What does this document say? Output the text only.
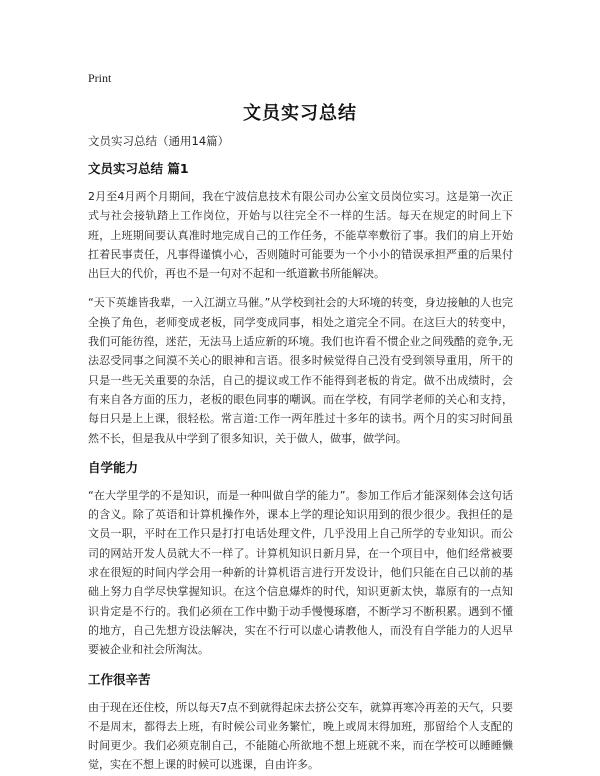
Print
文员实习总结
文员实习总结（通用14篇）
文员实习总结 篇1

2月至4月两个月期间，我在宁波信息技术有限公司办公室文员岗位实习。这是第一次正式与社会接轨踏上工作岗位，开始与以往完全不一样的生活。每天在规定的时间上下班，上班期间要认真准时地完成自己的工作任务，不能草率敷衍了事。我们的肩上开始扛着民事责任，凡事得谨慎小心，否则随时可能要为一个小小的错误承担严重的后果付出巨大的代价，再也不是一句对不起和一纸道歉书所能解决。

“天下英雄皆我辈，一入江湖立马催。”从学校到社会的大环境的转变，身边接触的人也完全换了角色，老师变成老板，同学变成同事，相处之道完全不同。在这巨大的转变中，我们可能彷徨，迷茫，无法马上适应新的环境。我们也许看不惯企业之间残酷的竞争,无法忍受同事之间漠不关心的眼神和言语。很多时候觉得自己没有受到领导重用，所干的只是一些无关重要的杂活，自己的提议或工作不能得到老板的肯定。做不出成绩时，会有来自各方面的压力，老板的眼色同事的嘲讽。而在学校，有同学老师的关心和支持，每日只是上上课，很轻松。常言道:工作一两年胜过十多年的读书。两个月的实习时间虽然不长，但是我从中学到了很多知识，关于做人，做事，做学问。

自学能力

“在大学里学的不是知识，而是一种叫做自学的能力”。参加工作后才能深刻体会这句话的含义。除了英语和计算机操作外，课本上学的理论知识用到的很少很少。我担任的是文员一职，平时在工作只是打打电话处理文件，几乎没用上自己所学的专业知识。而公司的网站开发人员就大不一样了。计算机知识日新月异，在一个项目中，他们经常被要求在很短的时间内学会用一种新的计算机语言进行开发设计，他们只能在自己以前的基础上努力自学尽快掌握知识。在这个信息爆炸的时代，知识更新太快，靠原有的一点知识肯定是不行的。我们必须在工作中勤于动手慢慢琢磨，不断学习不断积累。遇到不懂的地方，自己先想方设法解决，实在不行可以虚心请教他人，而没有自学能力的人迟早要被企业和社会所淘汰。

工作很辛苦

由于现在还住校，所以每天7点不到就得起床去挤公交车，就算再寒冷再差的天气，只要不是周末，都得去上班，有时候公司业务繁忙，晚上或周末得加班，那留给个人支配的时间更少。我们必须克制自己，不能随心所欲地不想上班就不来，而在学校可以睡睡懒觉，实在不想上课的时候可以逃课，自由许多。
